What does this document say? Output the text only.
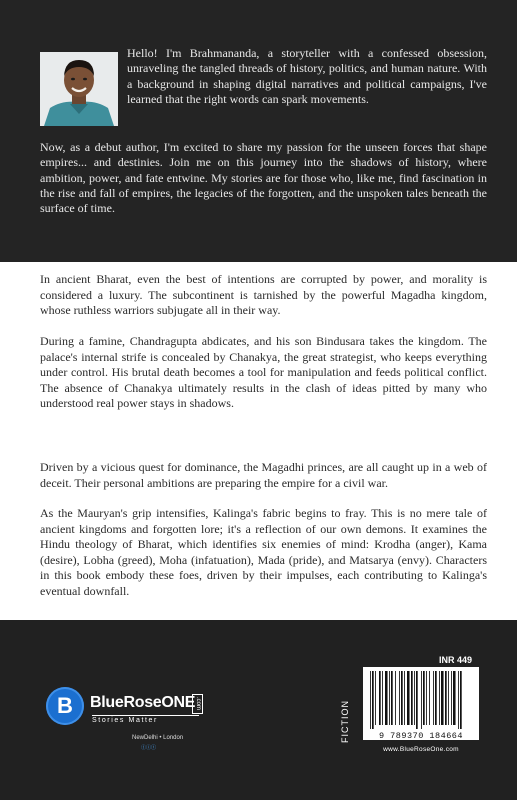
Hello! I'm Brahmananda, a storyteller with a confessed obsession, unraveling the tangled threads of history, politics, and human nature. With a background in shaping digital narratives and political campaigns, I've learned that the right words can spark movements.

Now, as a debut author, I'm excited to share my passion for the unseen forces that shape empires... and destinies. Join me on this journey into the shadows of history, where ambition, power, and fate entwine. My stories are for those who, like me, find fascination in the rise and fall of empires, the legacies of the forgotten, and the unspoken tales beneath the surface of time.

In ancient Bharat, even the best of intentions are corrupted by power, and morality is considered a luxury. The subcontinent is tarnished by the powerful Magadha kingdom, whose ruthless warriors subjugate all in their way.

During a famine, Chandragupta abdicates, and his son Bindusara takes the kingdom. The palace's internal strife is concealed by Chanakya, the great strategist, who keeps everything under control. His brutal death becomes a tool for manipulation and feeds political conflict. The absence of Chanakya ultimately results in the clash of ideas pitted by many who understood real power stays in shadows.

Driven by a vicious quest for dominance, the Magadhi princes, are all caught up in a web of deceit. Their personal ambitions are preparing the empire for a civil war.

As the Mauryan's grip intensifies, Kalinga's fabric begins to fray. This is no mere tale of ancient kingdoms and forgotten lore; it's a reflection of our own demons. It examines the Hindu theology of Bharat, which identifies six enemies of mind: Krodha (anger), Kama (desire), Lobha (greed), Moha (infatuation), Mada (pride), and Matsarya (envy). Characters in this book embody these foes, driven by their impulses, each contributing to Kalinga's eventual downfall.

B	BlueRoseONE .com
Stories Matter
NewDelhi • London
ⓕⓘⓣ
INR 449
FICTION	9 789370 184664
www.BlueRoseOne.com
